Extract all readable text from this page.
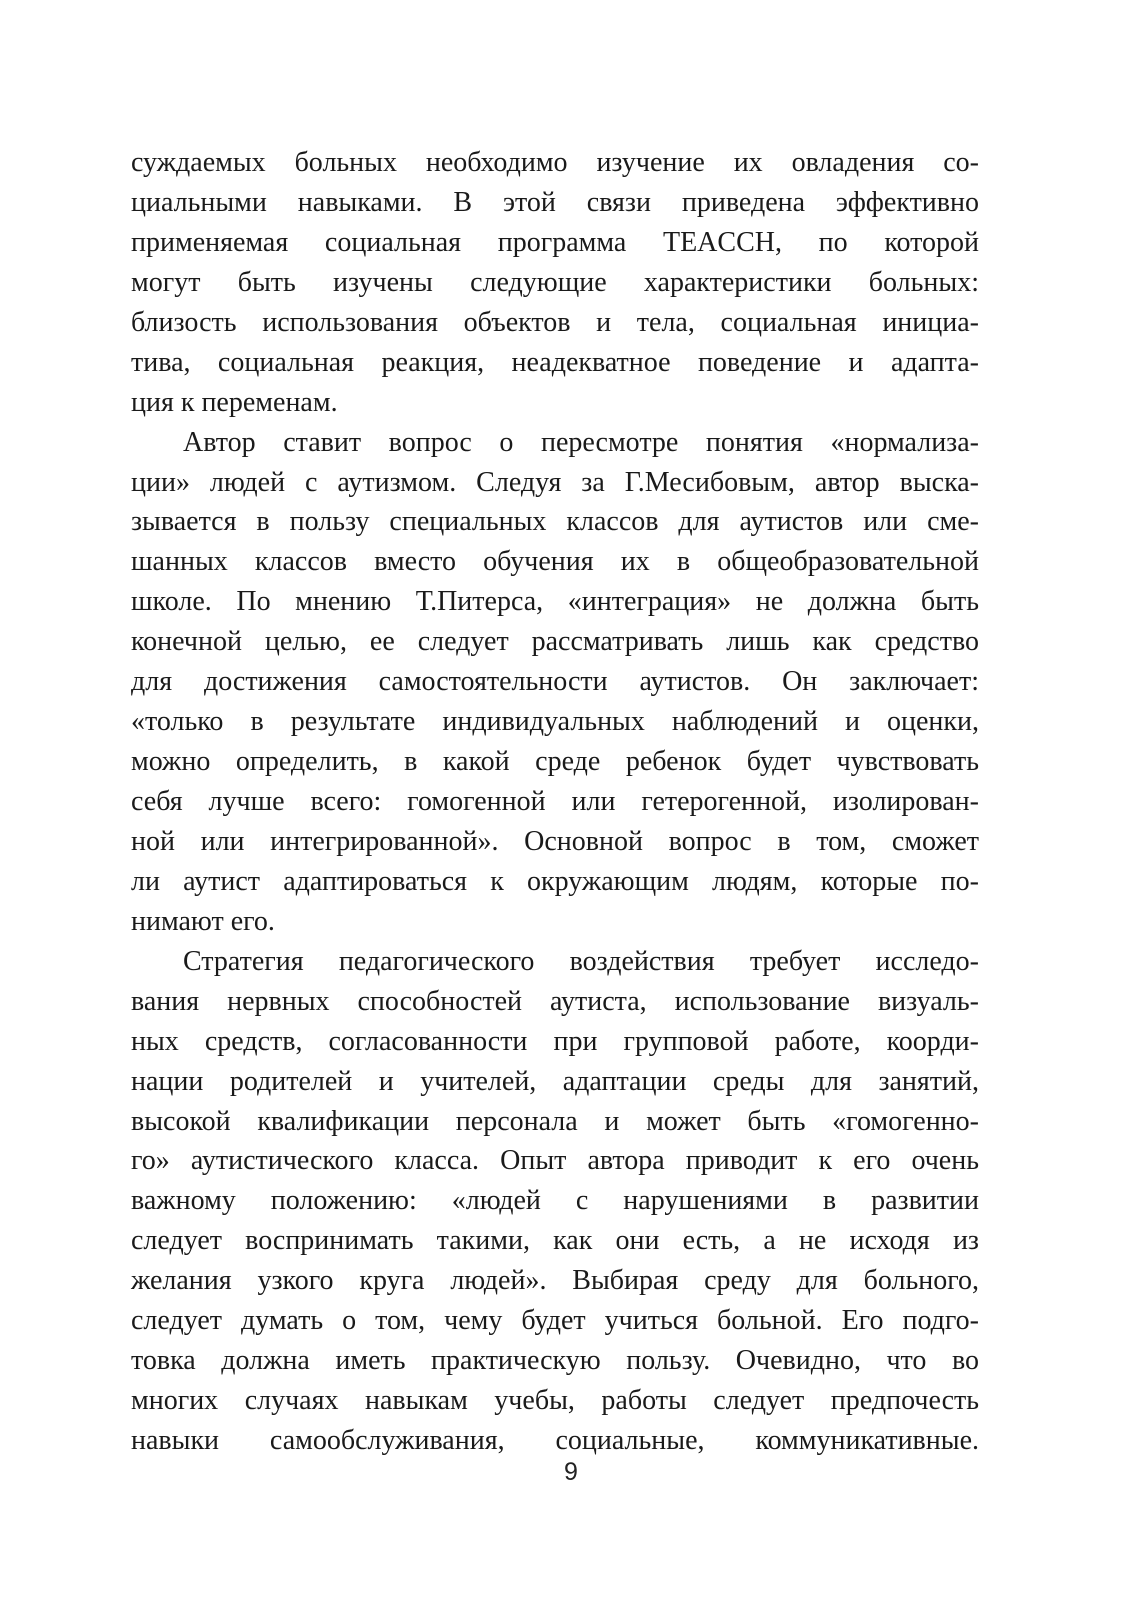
суждаемых больных необходимо изучение их овладения со-
циальными навыками. В этой связи приведена эффективно
применяемая социальная программа TEACCH, по которой
могут быть изучены следующие характеристики больных:
близость использования объектов и тела, социальная инициа-
тива, социальная реакция, неадекватное поведение и адапта-
ция к переменам.
Автор ставит вопрос о пересмотре понятия «нормализа-
ции» людей с аутизмом. Следуя за Г.Месибовым, автор выска-
зывается в пользу специальных классов для аутистов или сме-
шанных классов вместо обучения их в общеобразовательной
школе. По мнению Т.Питерса, «интеграция» не должна быть
конечной целью, ее следует рассматривать лишь как средство
для достижения самостоятельности аутистов. Он заключает:
«только в результате индивидуальных наблюдений и оценки,
можно определить, в какой среде ребенок будет чувствовать
себя лучше всего: гомогенной или гетерогенной, изолирован-
ной или интегрированной». Основной вопрос в том, сможет
ли аутист адаптироваться к окружающим людям, которые по-
нимают его.
Стратегия педагогического воздействия требует исследо-
вания нервных способностей аутиста, использование визуаль-
ных средств, согласованности при групповой работе, коорди-
нации родителей и учителей, адаптации среды для занятий,
высокой квалификации персонала и может быть «гомогенно-
го» аутистического класса. Опыт автора приводит к его очень
важному положению: «людей с нарушениями в развитии
следует воспринимать такими, как они есть, а не исходя из
желания узкого круга людей». Выбирая среду для больного,
следует думать о том, чему будет учиться больной. Его подго-
товка должна иметь практическую пользу. Очевидно, что во
многих случаях навыкам учебы, работы следует предпочесть
навыки самообслуживания, социальные, коммуникативные.
9
